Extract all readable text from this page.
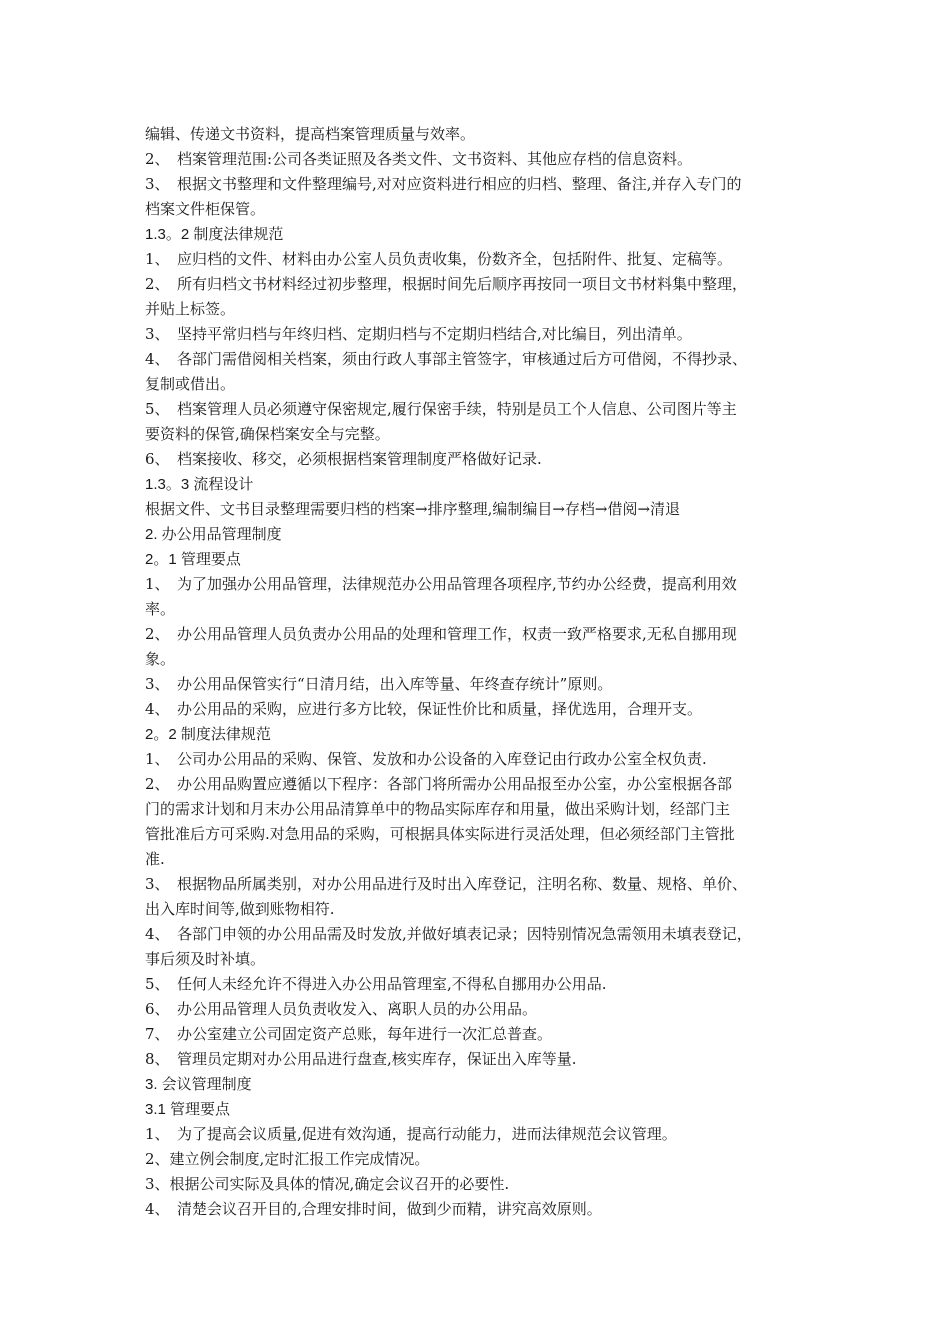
编辑、传递文书资料，提高档案管理质量与效率。
2、 档案管理范围:公司各类证照及各类文件、文书资料、其他应存档的信息资料。
3、 根据文书整理和文件整理编号,对对应资料进行相应的归档、整理、备注,并存入专门的
档案文件柜保管。
1.3。2 制度法律规范
1、 应归档的文件、材料由办公室人员负责收集，份数齐全，包括附件、批复、定稿等。
2、 所有归档文书材料经过初步整理，根据时间先后顺序再按同一项目文书材料集中整理，
并贴上标签。
3、 坚持平常归档与年终归档、定期归档与不定期归档结合,对比编目，列出清单。
4、 各部门需借阅相关档案，须由行政人事部主管签字，审核通过后方可借阅，不得抄录、
复制或借出。
5、 档案管理人员必须遵守保密规定,履行保密手续，特别是员工个人信息、公司图片等主
要资料的保管,确保档案安全与完整。
6、 档案接收、移交，必须根据档案管理制度严格做好记录.
1.3。3 流程设计
根据文件、文书目录整理需要归档的档案→排序整理,编制编目→存档→借阅→清退
2. 办公用品管理制度
2。1 管理要点
1、 为了加强办公用品管理，法律规范办公用品管理各项程序,节约办公经费，提高利用效
率。
2、 办公用品管理人员负责办公用品的处理和管理工作，权责一致严格要求,无私自挪用现
象。
3、 办公用品保管实行“日清月结，出入库等量、年终查存统计”原则。
4、 办公用品的采购，应进行多方比较，保证性价比和质量，择优选用，合理开支。
2。2 制度法律规范
1、 公司办公用品的采购、保管、发放和办公设备的入库登记由行政办公室全权负责.
2、 办公用品购置应遵循以下程序：各部门将所需办公用品报至办公室，办公室根据各部
门的需求计划和月末办公用品清算单中的物品实际库存和用量，做出采购计划，经部门主
管批准后方可采购.对急用品的采购，可根据具体实际进行灵活处理，但必须经部门主管批
准.
3、 根据物品所属类别，对办公用品进行及时出入库登记，注明名称、数量、规格、单价、
出入库时间等,做到账物相符.
4、 各部门申领的办公用品需及时发放,并做好填表记录；因特别情况急需领用未填表登记，
事后须及时补填。
5、 任何人未经允许不得进入办公用品管理室,不得私自挪用办公用品.
6、 办公用品管理人员负责收发入、离职人员的办公用品。
7、 办公室建立公司固定资产总账，每年进行一次汇总普查。
8、 管理员定期对办公用品进行盘查,核实库存，保证出入库等量.
3. 会议管理制度
3.1 管理要点
1、 为了提高会议质量,促进有效沟通，提高行动能力，进而法律规范会议管理。
2、建立例会制度,定时汇报工作完成情况。
3、根据公司实际及具体的情况,确定会议召开的必要性.
4、 清楚会议召开目的,合理安排时间，做到少而精，讲究高效原则。
